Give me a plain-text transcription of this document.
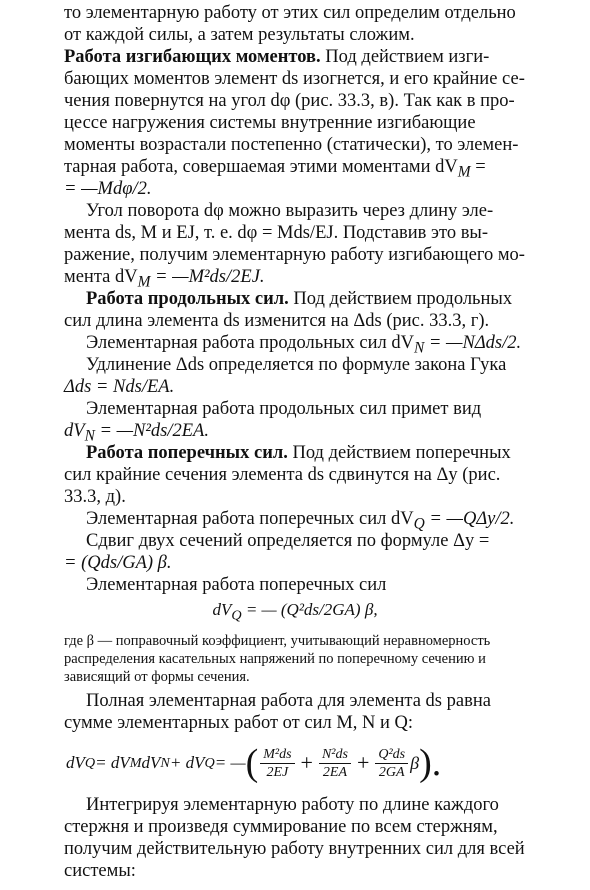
то элементарную работу от этих сил определим отдельно

от каждой силы, а затем результаты сложим.

Работа изгибающих моментов. Под действием изги-

бающих моментов элемент ds изогнется, и его крайние се-

чения повернутся на угол dφ (рис. 33.3, в). Так как в про-

цессе нагружения системы внутренние изгибающие

моменты возрастали постепенно (статически), то элемен-

тарная работа, совершаемая этими моментами $dV_M$ =

= —Mdφ/2.

Угол поворота dφ можно выразить через длину эле-

мента ds, M и EJ, т. е. dφ = Mds/EJ. Подставив это вы-

ражение, получим элементарную работу изгибающего мо-

мента $dV_M$ = —M²ds/2EJ.

Работа продольных сил. Под действием продольных

сил длина элемента ds изменится на Δds (рис. 33.3, г).

Элементарная работа продольных сил $dV_N$ = —NΔds/2.

Удлинение Δds определяется по формуле закона Гука

Δds = Nds/EA.

Элементарная работа продольных сил примет вид

$dV_N$ = —N²ds/2EA.

Работа поперечных сил. Под действием поперечных

сил крайние сечения элемента ds сдвинутся на Δy (рис.

33.3, д).

Элементарная работа поперечных сил $dV_Q$ = —QΔy/2.

Сдвиг двух сечений определяется по формуле Δy =

= (Qds/GA) β.

Элементарная работа поперечных сил

$dV_Q$ = — (Q²ds/2GA) β,

где β — поправочный коэффициент, учитывающий неравномерность

распределения касательных напряжений по поперечному сечению и

зависящий от формы сечения.

Полная элементарная работа для элемента ds равна

сумме элементарных работ от сил M, N и Q:

dV Q = dV M dV N + dV Q = — ( $\frac{\text{M²ds}}{2EJ} + \frac{\text{N²ds}}{2EA} + \frac{\text{Q²ds}}{2GA}$ β ).

Интегрируя элементарную работу по длине каждого

стержня и произведя суммирование по всем стержням,

получим действительную работу внутренних сил для всей

системы:
